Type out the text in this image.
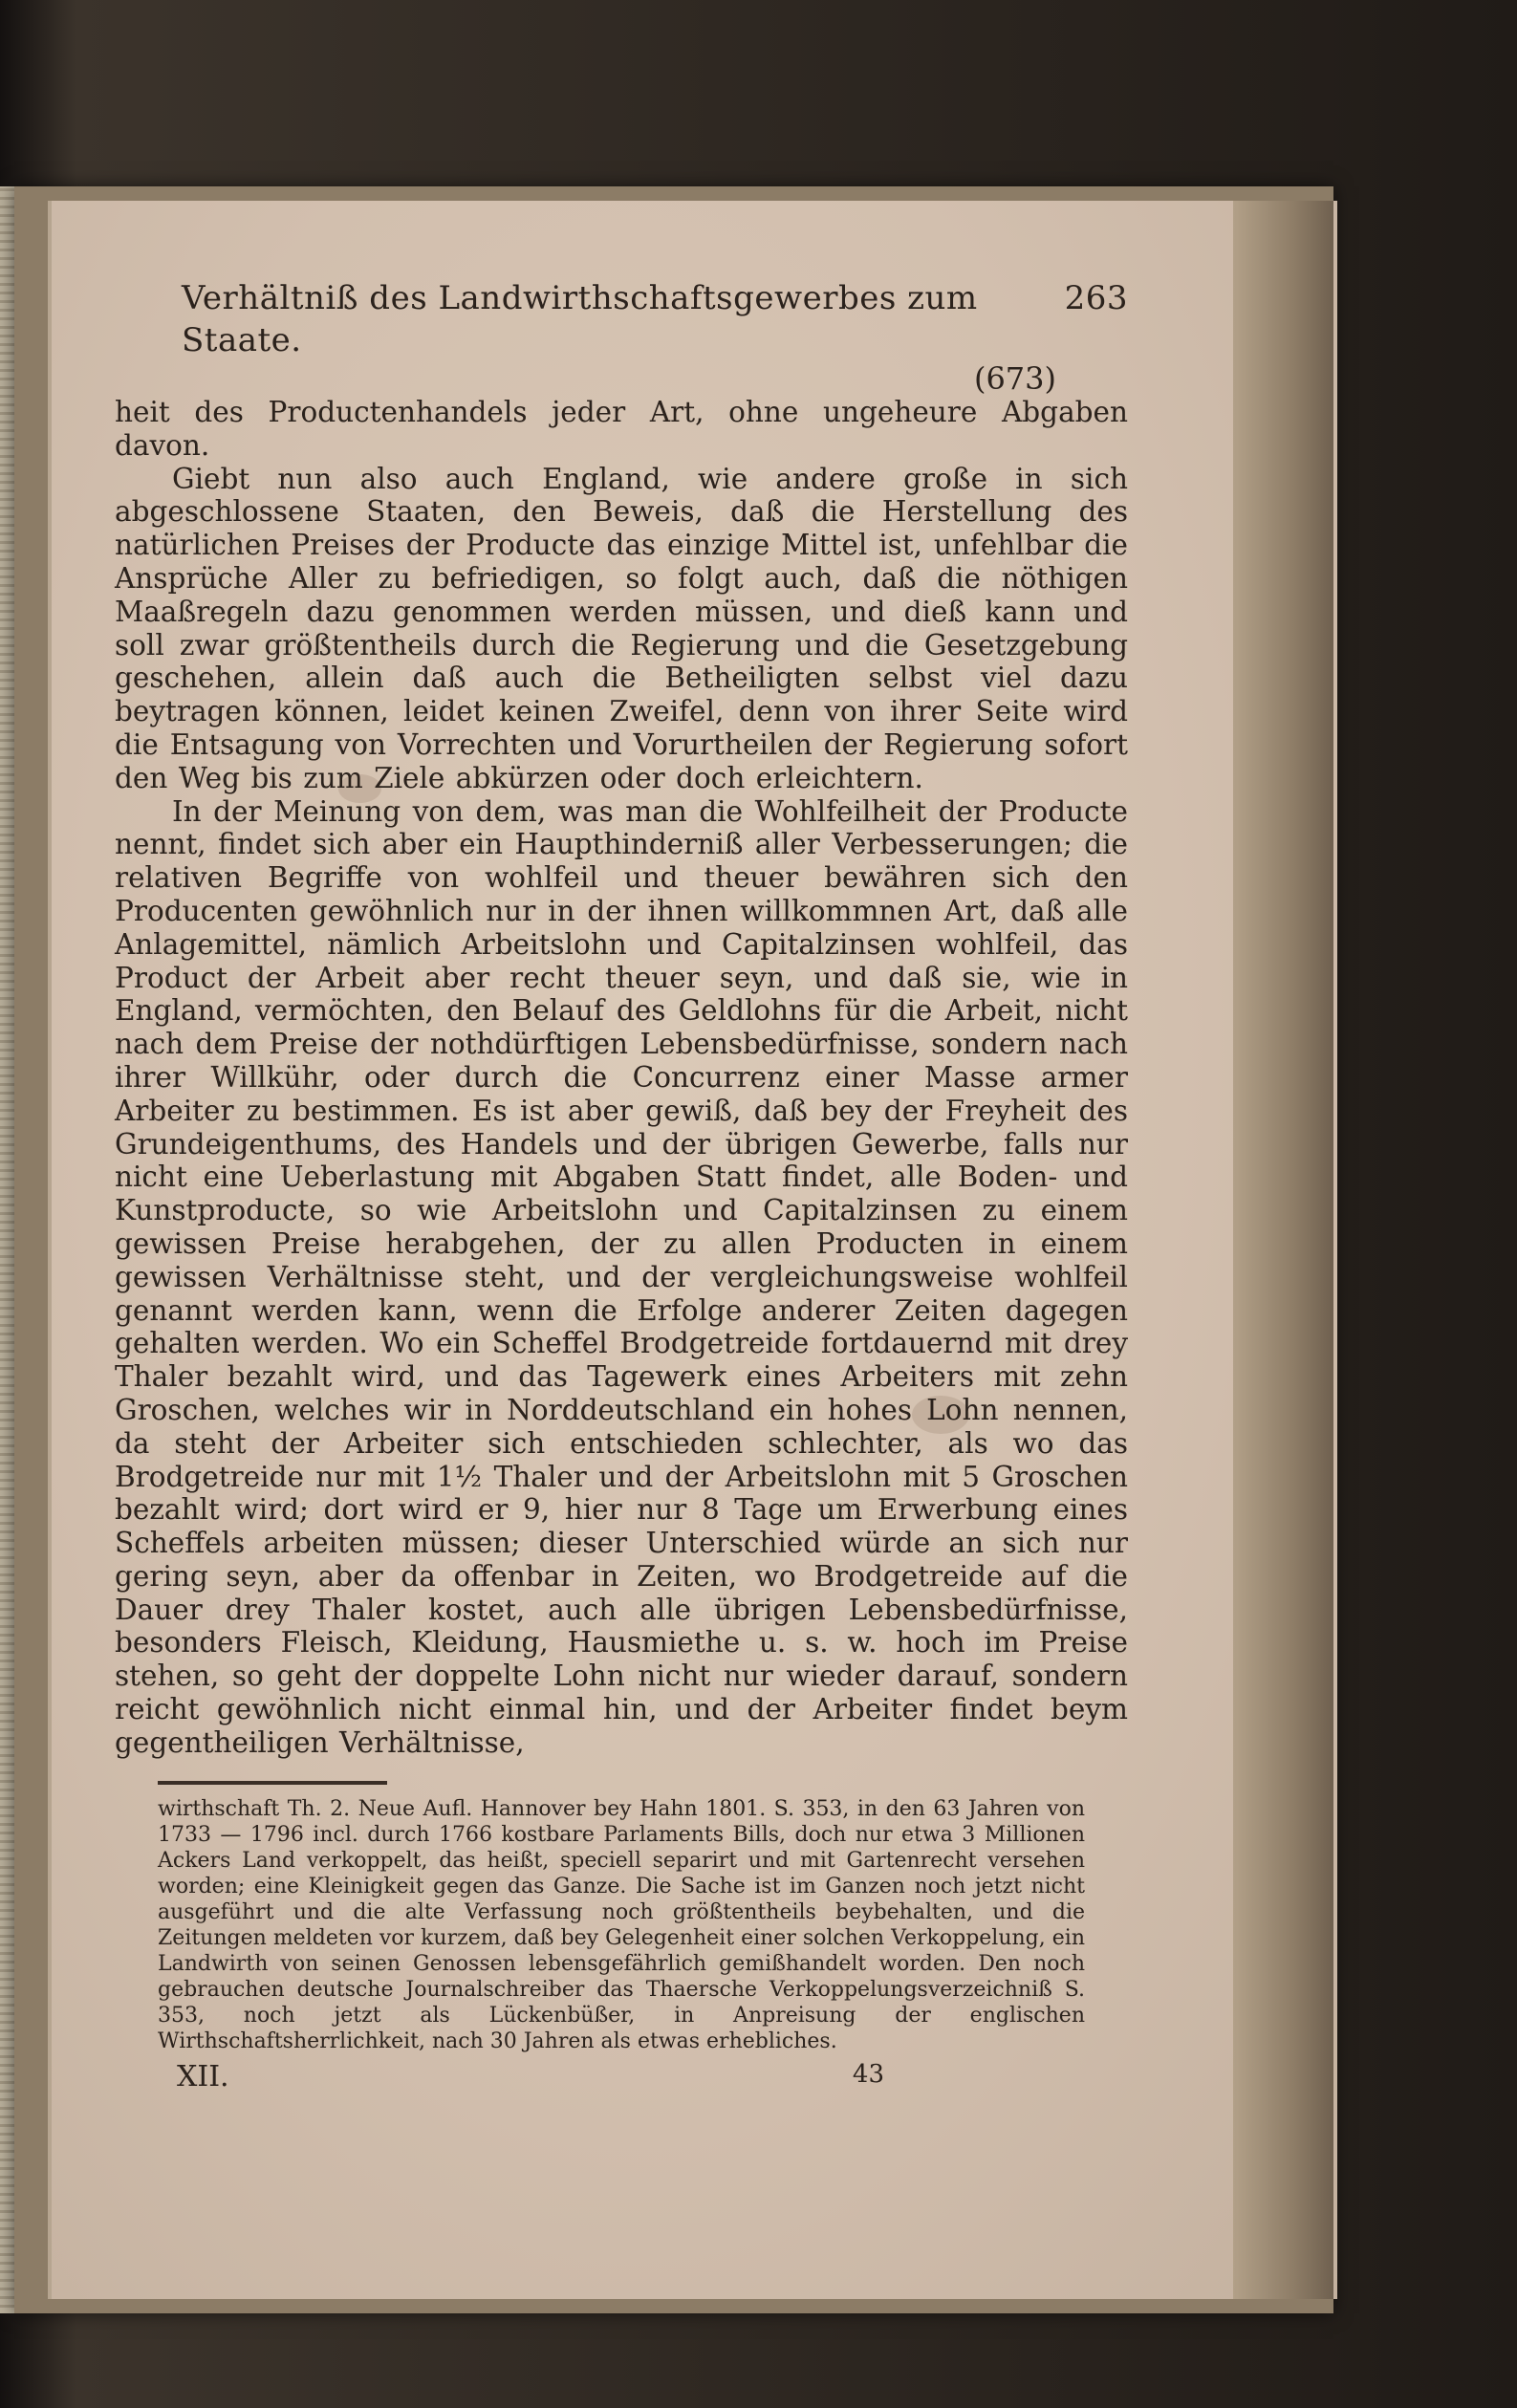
Verhältniß des Landwirthschaftsgewerbes zum Staate.
263
(673)

heit des Productenhandels jeder Art, ohne ungeheure Abgaben davon.

Giebt nun also auch England, wie andere große in sich abgeschlossene Staaten, den Beweis, daß die Herstellung des natürlichen Preises der Producte das einzige Mittel ist, unfehlbar die Ansprüche Aller zu befriedigen, so folgt auch, daß die nöthigen Maaßregeln dazu genommen werden müssen, und dieß kann und soll zwar größtentheils durch die Regierung und die Gesetzgebung geschehen, allein daß auch die Betheiligten selbst viel dazu beytragen können, leidet keinen Zweifel, denn von ihrer Seite wird die Entsagung von Vorrechten und Vorurtheilen der Regierung sofort den Weg bis zum Ziele abkürzen oder doch erleichtern.

In der Meinung von dem, was man die Wohlfeilheit der Producte nennt, findet sich aber ein Haupthinderniß aller Verbesserungen; die relativen Begriffe von wohlfeil und theuer bewähren sich den Producenten gewöhnlich nur in der ihnen willkommnen Art, daß alle Anlagemittel, nämlich Arbeitslohn und Capitalzinsen wohlfeil, das Product der Arbeit aber recht theuer seyn, und daß sie, wie in England, vermöchten, den Belauf des Geldlohns für die Arbeit, nicht nach dem Preise der nothdürftigen Lebensbedürfnisse, sondern nach ihrer Willkühr, oder durch die Concurrenz einer Masse armer Arbeiter zu bestimmen. Es ist aber gewiß, daß bey der Freyheit des Grundeigenthums, des Handels und der übrigen Gewerbe, falls nur nicht eine Ueberlastung mit Abgaben Statt findet, alle Boden- und Kunstproducte, so wie Arbeitslohn und Capitalzinsen zu einem gewissen Preise herabgehen, der zu allen Producten in einem gewissen Verhältnisse steht, und der vergleichungsweise wohlfeil genannt werden kann, wenn die Erfolge anderer Zeiten dagegen gehalten werden. Wo ein Scheffel Brodgetreide fortdauernd mit drey Thaler bezahlt wird, und das Tagewerk eines Arbeiters mit zehn Groschen, welches wir in Norddeutschland ein hohes Lohn nennen, da steht der Arbeiter sich entschieden schlechter, als wo das Brodgetreide nur mit 1½ Thaler und der Arbeitslohn mit 5 Groschen bezahlt wird; dort wird er 9, hier nur 8 Tage um Erwerbung eines Scheffels arbeiten müssen; dieser Unterschied würde an sich nur gering seyn, aber da offenbar in Zeiten, wo Brodgetreide auf die Dauer drey Thaler kostet, auch alle übrigen Lebensbedürfnisse, besonders Fleisch, Kleidung, Hausmiethe u. s. w. hoch im Preise stehen, so geht der doppelte Lohn nicht nur wieder darauf, sondern reicht gewöhnlich nicht einmal hin, und der Arbeiter findet beym gegentheiligen Verhältnisse,

wirthschaft Th. 2. Neue Aufl. Hannover bey Hahn 1801. S. 353, in den 63 Jahren von 1733 — 1796 incl. durch 1766 kostbare Parlaments Bills, doch nur etwa 3 Millionen Ackers Land verkoppelt, das heißt, speciell separirt und mit Gartenrecht versehen worden; eine Kleinigkeit gegen das Ganze. Die Sache ist im Ganzen noch jetzt nicht ausgeführt und die alte Verfassung noch größtentheils beybehalten, und die Zeitungen meldeten vor kurzem, daß bey Gelegenheit einer solchen Verkoppelung, ein Landwirth von seinen Genossen lebensgefährlich gemißhandelt worden. Den noch gebrauchen deutsche Journalschreiber das Thaersche Verkoppelungsverzeichniß S. 353, noch jetzt als Lückenbüßer, in Anpreisung der englischen Wirthschaftsherrlichkeit, nach 30 Jahren als etwas erhebliches.
XII.	43
